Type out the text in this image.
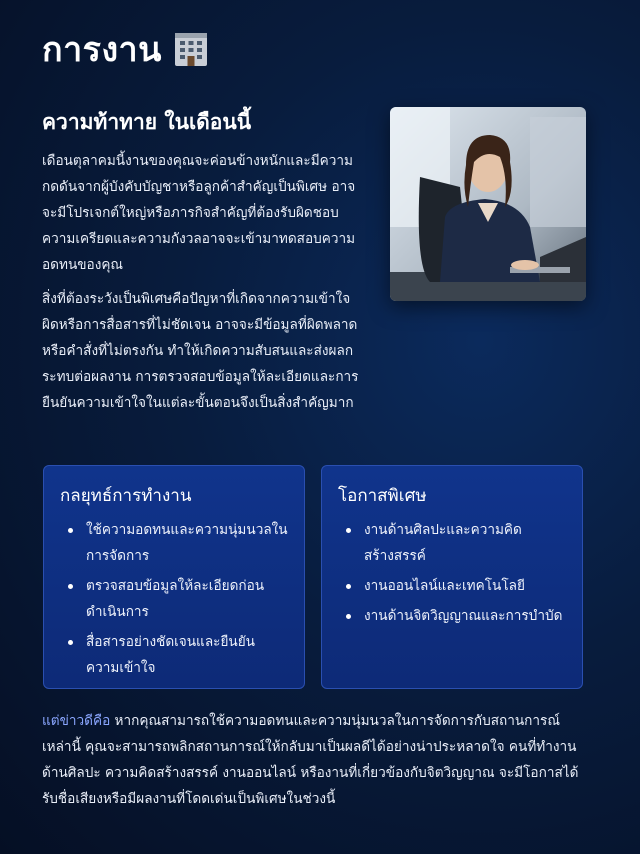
การงาน
ความท้าทาย ในเดือนนี้

เดือนตุลาคมนี้งานของคุณจะค่อนข้างหนักและมีความกดดันจากผู้บังคับบัญชาหรือลูกค้าสำคัญเป็นพิเศษ อาจจะมีโปรเจกต์ใหญ่หรือภารกิจสำคัญที่ต้องรับผิดชอบ ความเครียดและความกังวลอาจจะเข้ามาทดสอบความอดทนของคุณ

สิ่งที่ต้องระวังเป็นพิเศษคือปัญหาที่เกิดจากความเข้าใจผิดหรือการสื่อสารที่ไม่ชัดเจน อาจจะมีข้อมูลที่ผิดพลาดหรือคำสั่งที่ไม่ตรงกัน ทำให้เกิดความสับสนและส่งผลกระทบต่อผลงาน การตรวจสอบข้อมูลให้ละเอียดและการยืนยันความเข้าใจในแต่ละขั้นตอนจึงเป็นสิ่งสำคัญมาก

กลยุทธ์การทำงาน
ใช้ความอดทนและความนุ่มนวลในการจัดการ
ตรวจสอบข้อมูลให้ละเอียดก่อนดำเนินการ
สื่อสารอย่างชัดเจนและยืนยันความเข้าใจ
โอกาสพิเศษ
งานด้านศิลปะและความคิดสร้างสรรค์
งานออนไลน์และเทคโนโลยี
งานด้านจิตวิญญาณและการบำบัด

แต่ข่าวดีคือ หากคุณสามารถใช้ความอดทนและความนุ่มนวลในการจัดการกับสถานการณ์เหล่านี้ คุณจะสามารถพลิกสถานการณ์ให้กลับมาเป็นผลดีได้อย่างน่าประหลาดใจ คนที่ทำงานด้านศิลปะ ความคิดสร้างสรรค์ งานออนไลน์ หรืองานที่เกี่ยวข้องกับจิตวิญญาณ จะมีโอกาสได้รับชื่อเสียงหรือมีผลงานที่โดดเด่นเป็นพิเศษในช่วงนี้
